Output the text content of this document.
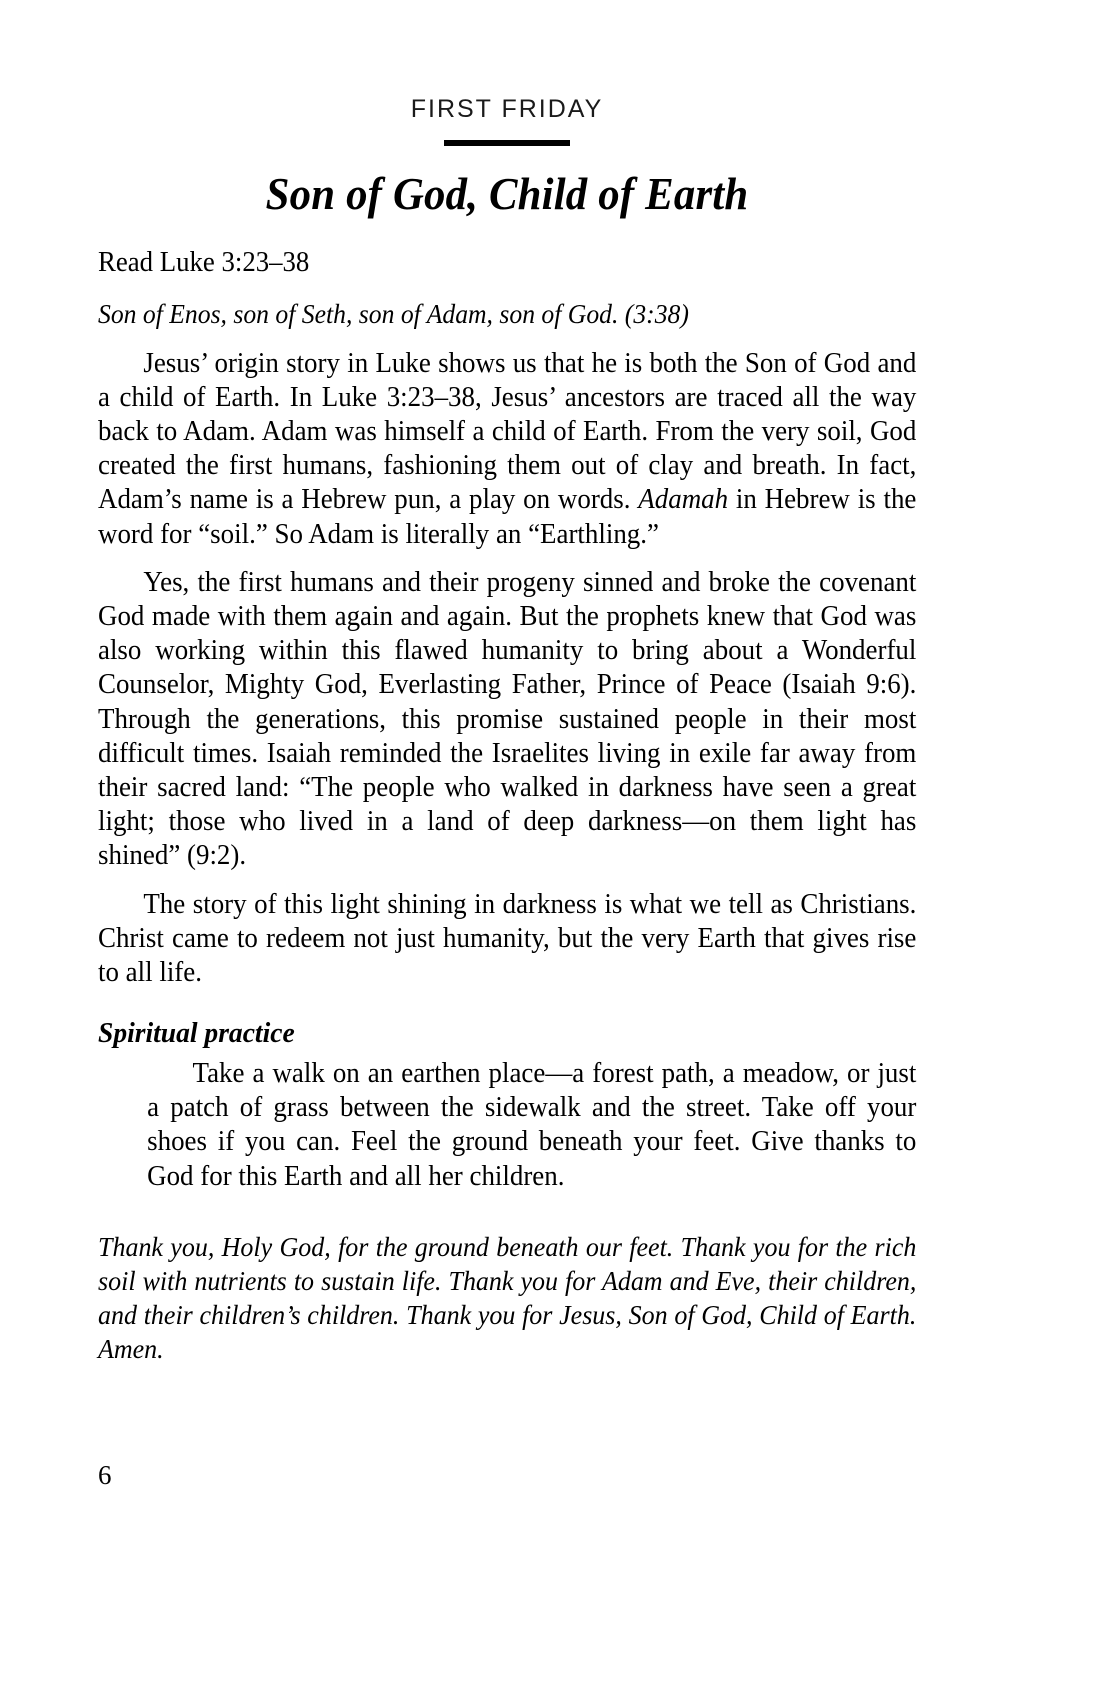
FIRST FRIDAY
Son of God, Child of Earth

Read Luke 3:23–38

Son of Enos, son of Seth, son of Adam, son of God. (3:38)

Jesus’ origin story in Luke shows us that he is both the Son of God and a child of Earth. In Luke 3:23–38, Jesus’ ancestors are traced all the way back to Adam. Adam was himself a child of Earth. From the very soil, God created the first humans, fashioning them out of clay and breath. In fact, Adam’s name is a Hebrew pun, a play on words. Adamah in Hebrew is the word for “soil.” So Adam is literally an “Earthling.”

Yes, the first humans and their progeny sinned and broke the covenant God made with them again and again. But the prophets knew that God was also working within this flawed humanity to bring about a Wonderful Counselor, Mighty God, Everlasting Father, Prince of Peace (Isaiah 9:6). Through the generations, this promise sustained people in their most difficult times. Isaiah reminded the Israelites living in exile far away from their sacred land: “The people who walked in darkness have seen a great light; those who lived in a land of deep darkness—on them light has shined” (9:2).

The story of this light shining in darkness is what we tell as Christians. Christ came to redeem not just humanity, but the very Earth that gives rise to all life.

Spiritual practice

Take a walk on an earthen place—a forest path, a meadow, or just a patch of grass between the sidewalk and the street. Take off your shoes if you can. Feel the ground beneath your feet. Give thanks to God for this Earth and all her children.

Thank you, Holy God, for the ground beneath our feet. Thank you for the rich soil with nutrients to sustain life. Thank you for Adam and Eve, their children, and their children’s children. Thank you for Jesus, Son of God, Child of Earth. Amen.

6
